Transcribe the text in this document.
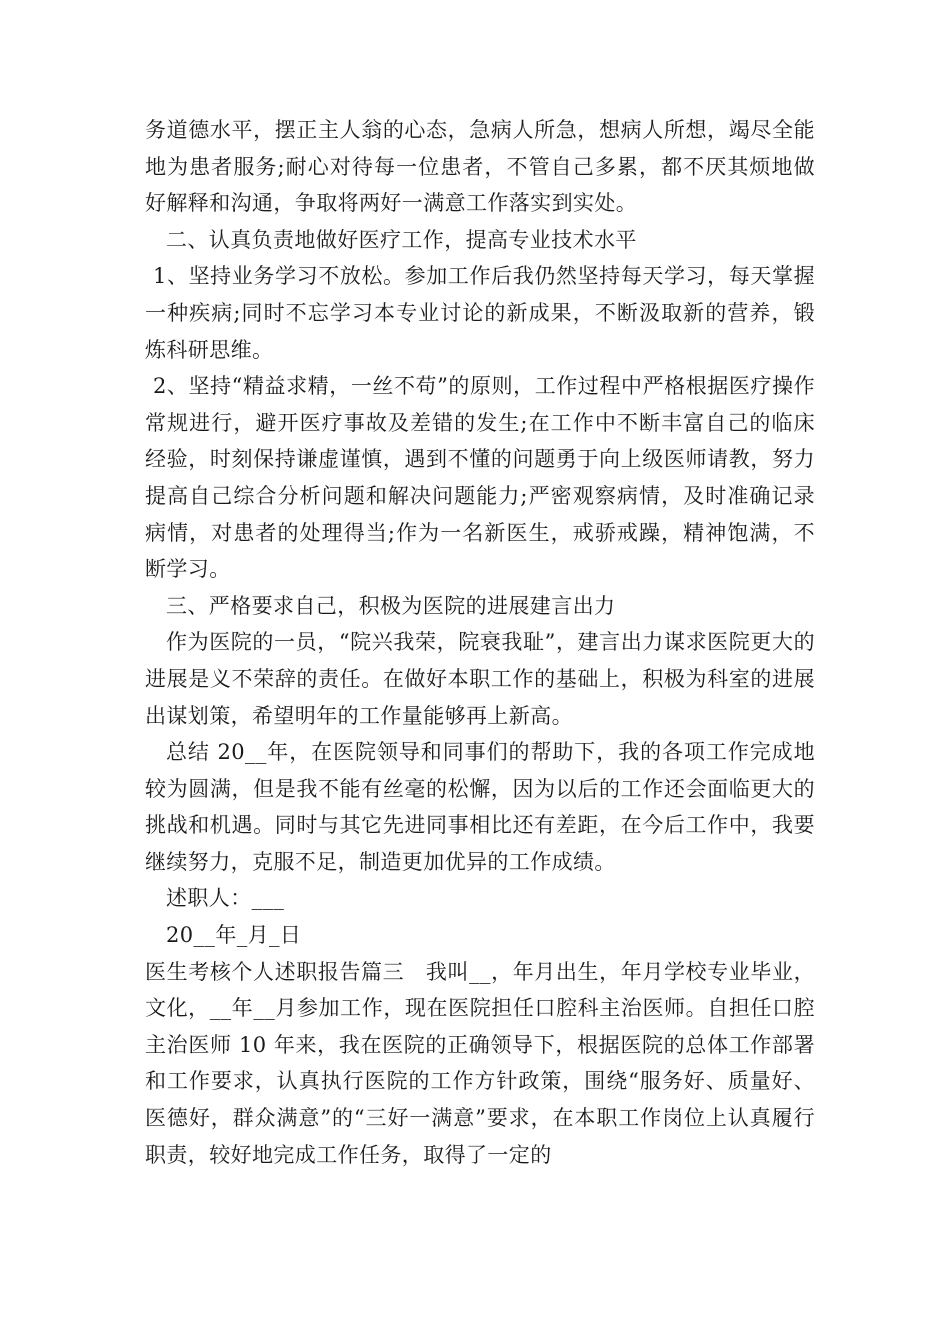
务道德水平，摆正主人翁的心态，急病人所急，想病人所想，竭尽全能地为患者服务;耐心对待每一位患者，不管自己多累，都不厌其烦地做好解释和沟通，争取将两好一满意工作落实到实处。

二、认真负责地做好医疗工作，提高专业技术水平

1、坚持业务学习不放松。参加工作后我仍然坚持每天学习，每天掌握一种疾病;同时不忘学习本专业讨论的新成果，不断汲取新的营养，锻炼科研思维。

2、坚持“精益求精，一丝不苟”的原则，工作过程中严格根据医疗操作常规进行，避开医疗事故及差错的发生;在工作中不断丰富自己的临床经验，时刻保持谦虚谨慎，遇到不懂的问题勇于向上级医师请教，努力提高自己综合分析问题和解决问题能力;严密观察病情，及时准确记录病情，对患者的处理得当;作为一名新医生，戒骄戒躁，精神饱满，不断学习。

三、严格要求自己，积极为医院的进展建言出力

作为医院的一员，“院兴我荣，院衰我耻”，建言出力谋求医院更大的进展是义不荣辞的责任。在做好本职工作的基础上，积极为科室的进展出谋划策，希望明年的工作量能够再上新高。

总结 20__年，在医院领导和同事们的帮助下，我的各项工作完成地较为圆满，但是我不能有丝毫的松懈，因为以后的工作还会面临更大的挑战和机遇。同时与其它先进同事相比还有差距，在今后工作中，我要继续努力，克服不足，制造更加优异的工作成绩。

述职人：___

20__年_月_日

医生考核个人述职报告篇三　我叫__，年月出生，年月学校专业毕业，文化，__年__月参加工作，现在医院担任口腔科主治医师。自担任口腔主治医师 10 年来，我在医院的正确领导下，根据医院的总体工作部署和工作要求，认真执行医院的工作方针政策，围绕“服务好、质量好、医德好，群众满意”的“三好一满意”要求，在本职工作岗位上认真履行职责，较好地完成工作任务，取得了一定的
